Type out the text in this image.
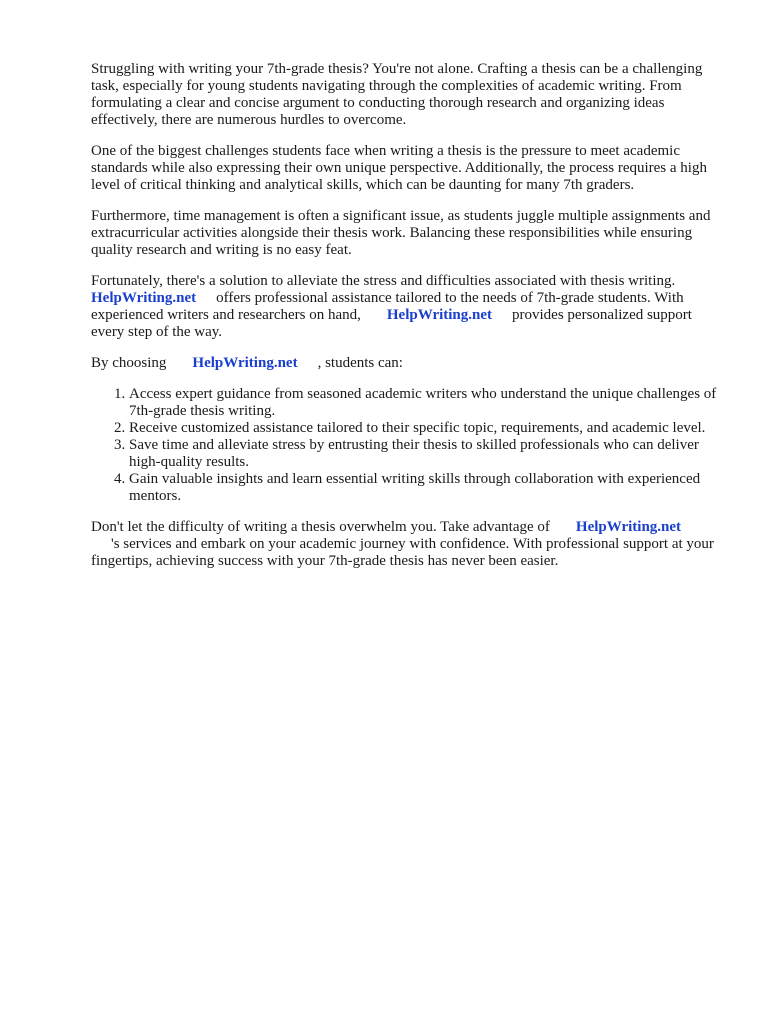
Struggling with writing your 7th-grade thesis? You're not alone. Crafting a thesis can be a challenging task, especially for young students navigating through the complexities of academic writing. From formulating a clear and concise argument to conducting thorough research and organizing ideas effectively, there are numerous hurdles to overcome.

One of the biggest challenges students face when writing a thesis is the pressure to meet academic standards while also expressing their own unique perspective. Additionally, the process requires a high level of critical thinking and analytical skills, which can be daunting for many 7th graders.

Furthermore, time management is often a significant issue, as students juggle multiple assignments and extracurricular activities alongside their thesis work. Balancing these responsibilities while ensuring quality research and writing is no easy feat.

Fortunately, there's a solution to alleviate the stress and difficulties associated with thesis writing.
HelpWriting.net offers professional assistance tailored to the needs of 7th-grade students. With experienced writers and researchers on hand, HelpWriting.net provides personalized support every step of the way.

By choosing HelpWriting.net , students can:

1. Access expert guidance from seasoned academic writers who understand the unique challenges of 7th-grade thesis writing.
2. Receive customized assistance tailored to their specific topic, requirements, and academic level.
3. Save time and alleviate stress by entrusting their thesis to skilled professionals who can deliver high-quality results.
4. Gain valuable insights and learn essential writing skills through collaboration with experienced mentors.

Don't let the difficulty of writing a thesis overwhelm you. Take advantage of HelpWriting.net
's services and embark on your academic journey with confidence. With professional support at your fingertips, achieving success with your 7th-grade thesis has never been easier.
